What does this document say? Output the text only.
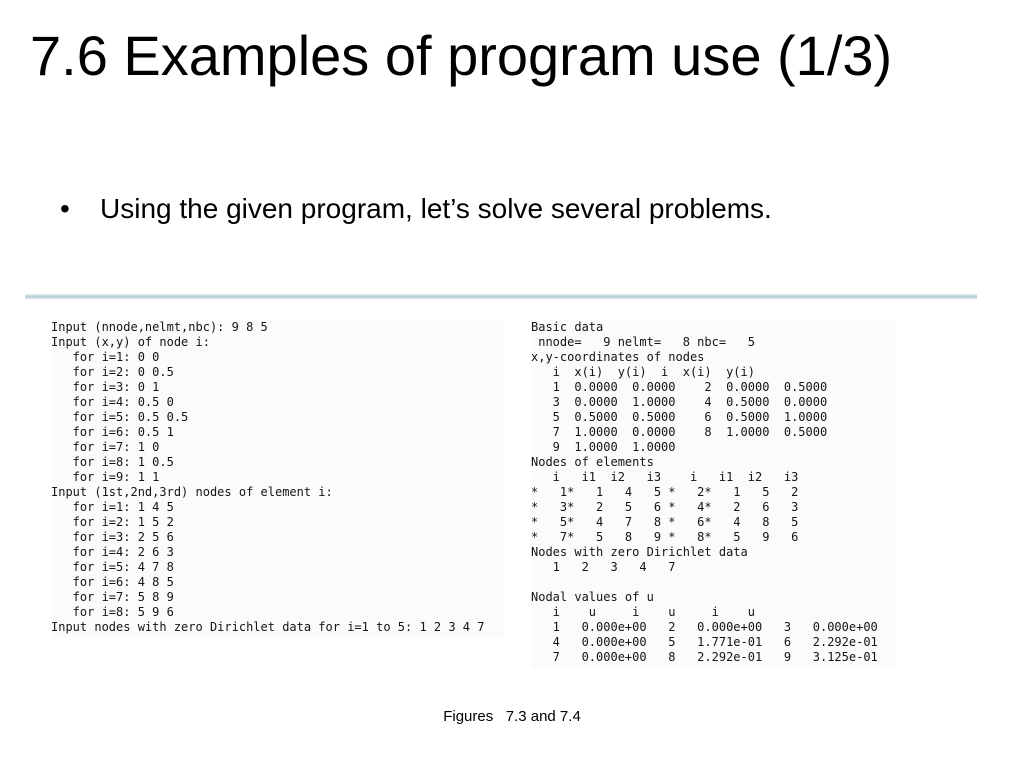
7.6 Examples of program use (1/3)
• Using the given program, let’s solve several problems.
Input (nnode,nelmt,nbc): 9 8 5
Input (x,y) of node i:
for i=1: 0 0
for i=2: 0 0.5
for i=3: 0 1
for i=4: 0.5 0
for i=5: 0.5 0.5
for i=6: 0.5 1
for i=7: 1 0
for i=8: 1 0.5
for i=9: 1 1
Input (1st,2nd,3rd) nodes of element i:
for i=1: 1 4 5
for i=2: 1 5 2
for i=3: 2 5 6
for i=4: 2 6 3
for i=5: 4 7 8
for i=6: 4 8 5
for i=7: 5 8 9
for i=8: 5 9 6
Input nodes with zero Dirichlet data for i=1 to 5: 1 2 3 4 7
Basic data
nnode=   9 nelmt=   8 nbc=   5
x,y-coordinates of nodes
i  x(i)  y(i)  i  x(i)  y(i)
1  0.0000  0.0000    2  0.0000  0.5000
3  0.0000  1.0000    4  0.5000  0.0000
5  0.5000  0.5000    6  0.5000  1.0000
7  1.0000  0.0000    8  1.0000  0.5000
9  1.0000  1.0000
Nodes of elements
i   i1  i2   i3    i   i1  i2   i3
*   1*   1   4   5 *   2*   1   5   2
*   3*   2   5   6 *   4*   2   6   3
*   5*   4   7   8 *   6*   4   8   5
*   7*   5   8   9 *   8*   5   9   6
Nodes with zero Dirichlet data
1   2   3   4   7

Nodal values of u
i    u     i    u     i    u
1   0.000e+00   2   0.000e+00   3   0.000e+00
4   0.000e+00   5   1.771e-01   6   2.292e-01
7   0.000e+00   8   2.292e-01   9   3.125e-01
Figures   7.3 and 7.4
